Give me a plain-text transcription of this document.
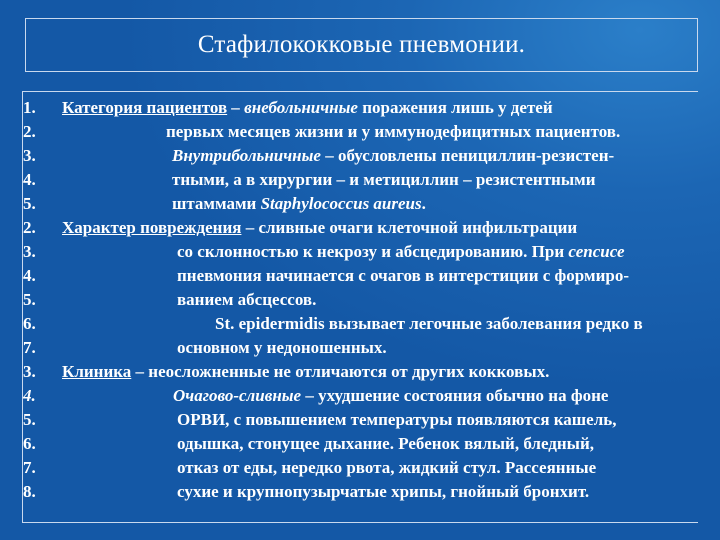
Стафилококковые пневмонии.
1.	Категория пациентов – внебольничные поражения лишь у детей
2.	первых месяцев жизни и у иммунодефицитных пациентов.
3.	Внутрибольничные – обусловлены пенициллин-резистен-
4.	тными, а в хирургии – и метициллин – резистентными
5.	штаммами Staphylococcus aureus.
2.	Характер повреждения – сливные очаги клеточной инфильтрации
3.	со склонностью к некрозу и абсцедированию. При сепсисе
4.	пневмония начинается с очагов в интерстиции с формиро-
5.	ванием абсцессов.
6.	St. epidermidis вызывает легочные заболевания редко в
7.	основном у недоношенных.
3.	Клиника – неосложненные не отличаются от других кокковых.
4.	Очагово-сливные – ухудшение состояния обычно на фоне
5.	ОРВИ, с повышением температуры появляются кашель,
6.	одышка, стонущее дыхание. Ребенок вялый, бледный,
7.	отказ от еды, нередко рвота, жидкий стул. Рассеянные
8.	сухие и крупнопузырчатые хрипы, гнойный бронхит.
